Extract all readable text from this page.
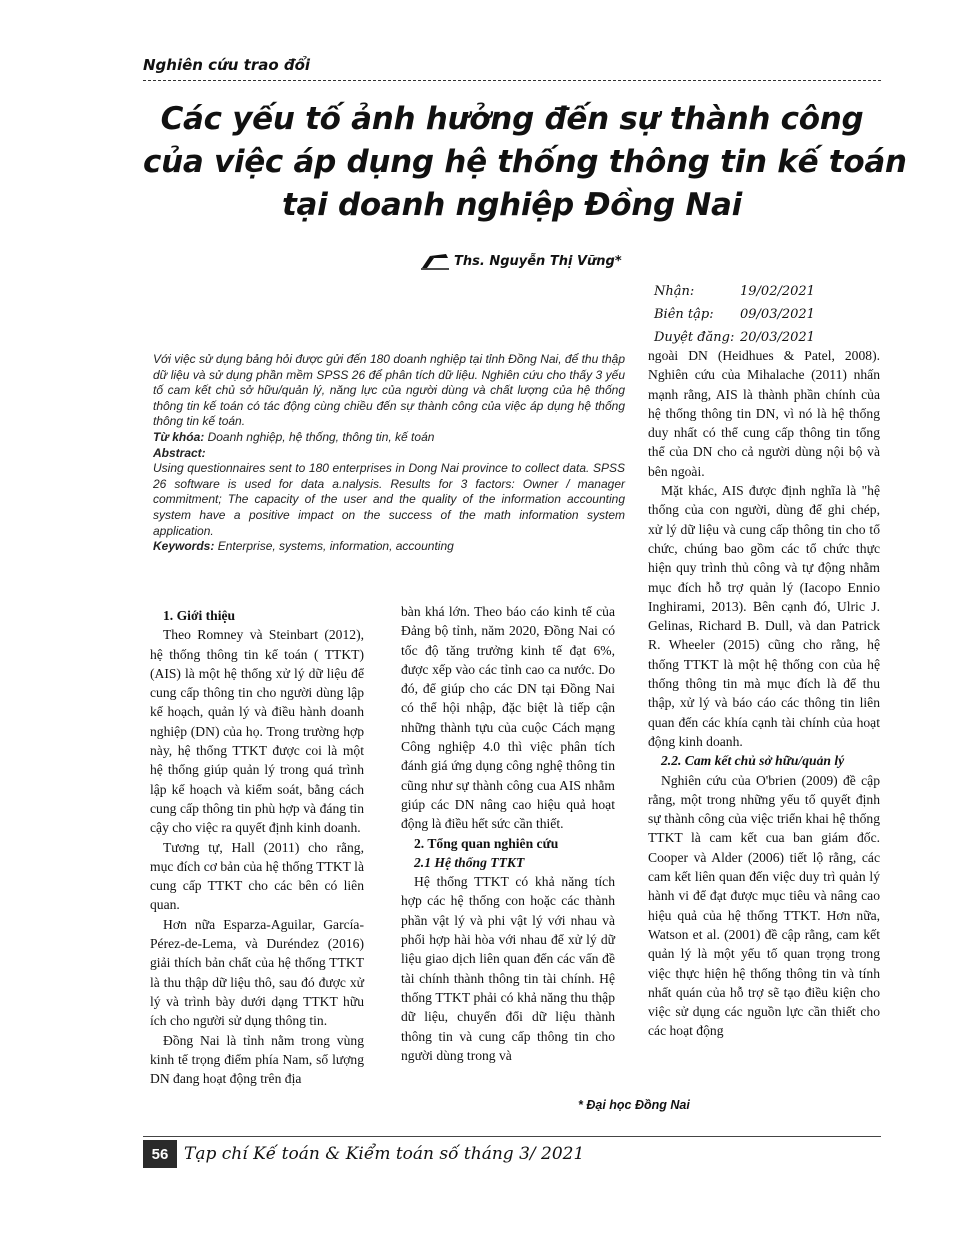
Nghiên cứu trao đổi
Các yếu tố ảnh hưởng đến sự thành công
của việc áp dụng hệ thống thông tin kế toán
tại doanh nghiệp Đồng Nai
Ths. Nguyễn Thị Vững*
Nhận:	19/02/2021
Biên tập:	09/03/2021
Duyệt đăng: 20/03/2021

Với việc sử dụng bảng hỏi được gửi đến 180 doanh nghiệp tại tỉnh Đồng Nai, để thu thập dữ liệu và sử dụng phần mềm SPSS 26 để phân tích dữ liệu. Nghiên cứu cho thấy 3 yếu tố cam kết chủ sở hữu/quản lý, năng lực của người dùng và chất lượng của hệ thống thông tin kế toán có tác động cùng chiều đến sự thành công của việc áp dụng hệ thống thông tin kế toán.

Từ khóa: Doanh nghiệp, hệ thống, thông tin, kế toán

Abstract:

Using questionnaires sent to 180 enterprises in Dong Nai province to collect data. SPSS 26 software is used for data a.nalysis. Results for 3 factors: Owner / manager commitment; The capacity of the user and the quality of the information accounting system have a positive impact on the success of the math information system application.

Keywords: Enterprise, systems, information, accounting

1. Giới thiệu

Theo Romney và Steinbart (2012), hệ thống thông tin kế toán ( TTKT) (AIS) là một hệ thống xử lý dữ liệu để cung cấp thông tin cho người dùng lập kế hoạch, quản lý và điều hành doanh nghiệp (DN) của họ. Trong trường hợp này, hệ thống TTKT được coi là một hệ thống giúp quản lý trong quá trình lập kế hoạch và kiểm soát, bằng cách cung cấp thông tin phù hợp và đáng tin cậy cho việc ra quyết định kinh doanh.

Tương tự, Hall (2011) cho rằng, mục đích cơ bản của hệ thống TTKT là cung cấp TTKT cho các bên có liên quan.

Hơn nữa Esparza-Aguilar, García-Pérez-de-Lema, và Duréndez (2016) giải thích bản chất của hệ thống TTKT là thu thập dữ liệu thô, sau đó được xử lý và trình bày dưới dạng TTKT hữu ích cho người sử dụng thông tin.

Đồng Nai là tỉnh nằm trong vùng kinh tế trọng điểm phía Nam, số lượng DN đang hoạt động trên địa

bàn khá lớn. Theo báo cáo kinh tế của Đảng bộ tỉnh, năm 2020, Đồng Nai có tốc độ tăng trưởng kinh tế đạt 6%, được xếp vào các tỉnh cao ca nước. Do đó, để giúp cho các DN tại Đồng Nai có thể hội nhập, đặc biệt là tiếp cận những thành tựu của cuộc Cách mạng Công nghiệp 4.0 thì việc phân tích đánh giá ứng dụng công nghệ thông tin cũng như sự thành công cua AIS nhằm giúp các DN nâng cao hiệu quả hoạt động là điều hết sức cần thiết.

2. Tổng quan nghiên cứu

2.1 Hệ thống TTKT

Hệ thống TTKT có khả năng tích hợp các hệ thống con hoặc các thành phần vật lý và phi vật lý với nhau và phối hợp hài hòa với nhau để xử lý dữ liệu giao dịch liên quan đến các vấn đề tài chính thành thông tin tài chính. Hệ thống TTKT phải có khả năng thu thập dữ liệu, chuyển đổi dữ liệu thành thông tin và cung cấp thông tin cho người dùng trong và

ngoài DN (Heidhues & Patel, 2008). Nghiên cứu của Mihalache (2011) nhấn mạnh rằng, AIS là thành phần chính của hệ thống thông tin DN, vì nó là hệ thống duy nhất có thể cung cấp thông tin tổng thể của DN cho cả người dùng nội bộ và bên ngoài.

Mặt khác, AIS được định nghĩa là "hệ thống của con người, dùng để ghi chép, xử lý dữ liệu và cung cấp thông tin cho tổ chức, chúng bao gồm các tổ chức thực hiện quy trình thủ công và tự động nhằm mục đích hỗ trợ quản lý (Iacopo Ennio Inghirami, 2013). Bên cạnh đó, Ulric J. Gelinas, Richard B. Dull, và dan Patrick R. Wheeler (2015) cũng cho rằng, hệ thống TTKT là một hệ thống con của hệ thống thông tin mà mục đích là để thu thập, xử lý và báo cáo các thông tin liên quan đến các khía cạnh tài chính của hoạt động kinh doanh.

2.2. Cam kết chủ sở hữu/quản lý

Nghiên cứu của O'brien (2009) đề cập rằng, một trong những yếu tố quyết định sự thành công của việc triển khai hệ thống TTKT là cam kết cua ban giám đốc. Cooper và Alder (2006) tiết lộ rằng, các cam kết liên quan đến việc duy trì quản lý hành vi để đạt được mục tiêu và nâng cao hiệu quả của hệ thống TTKT. Hơn nữa, Watson et al. (2001) đề cập rằng, cam kết quản lý là một yếu tố quan trọng trong việc thực hiện hệ thống thông tin và tính nhất quán của hỗ trợ sẽ tạo điều kiện cho việc sử dụng các nguồn lực cần thiết cho các hoạt động

* Đại học Đồng Nai
56 Tạp chí Kế toán & Kiểm toán số tháng 3/ 2021
